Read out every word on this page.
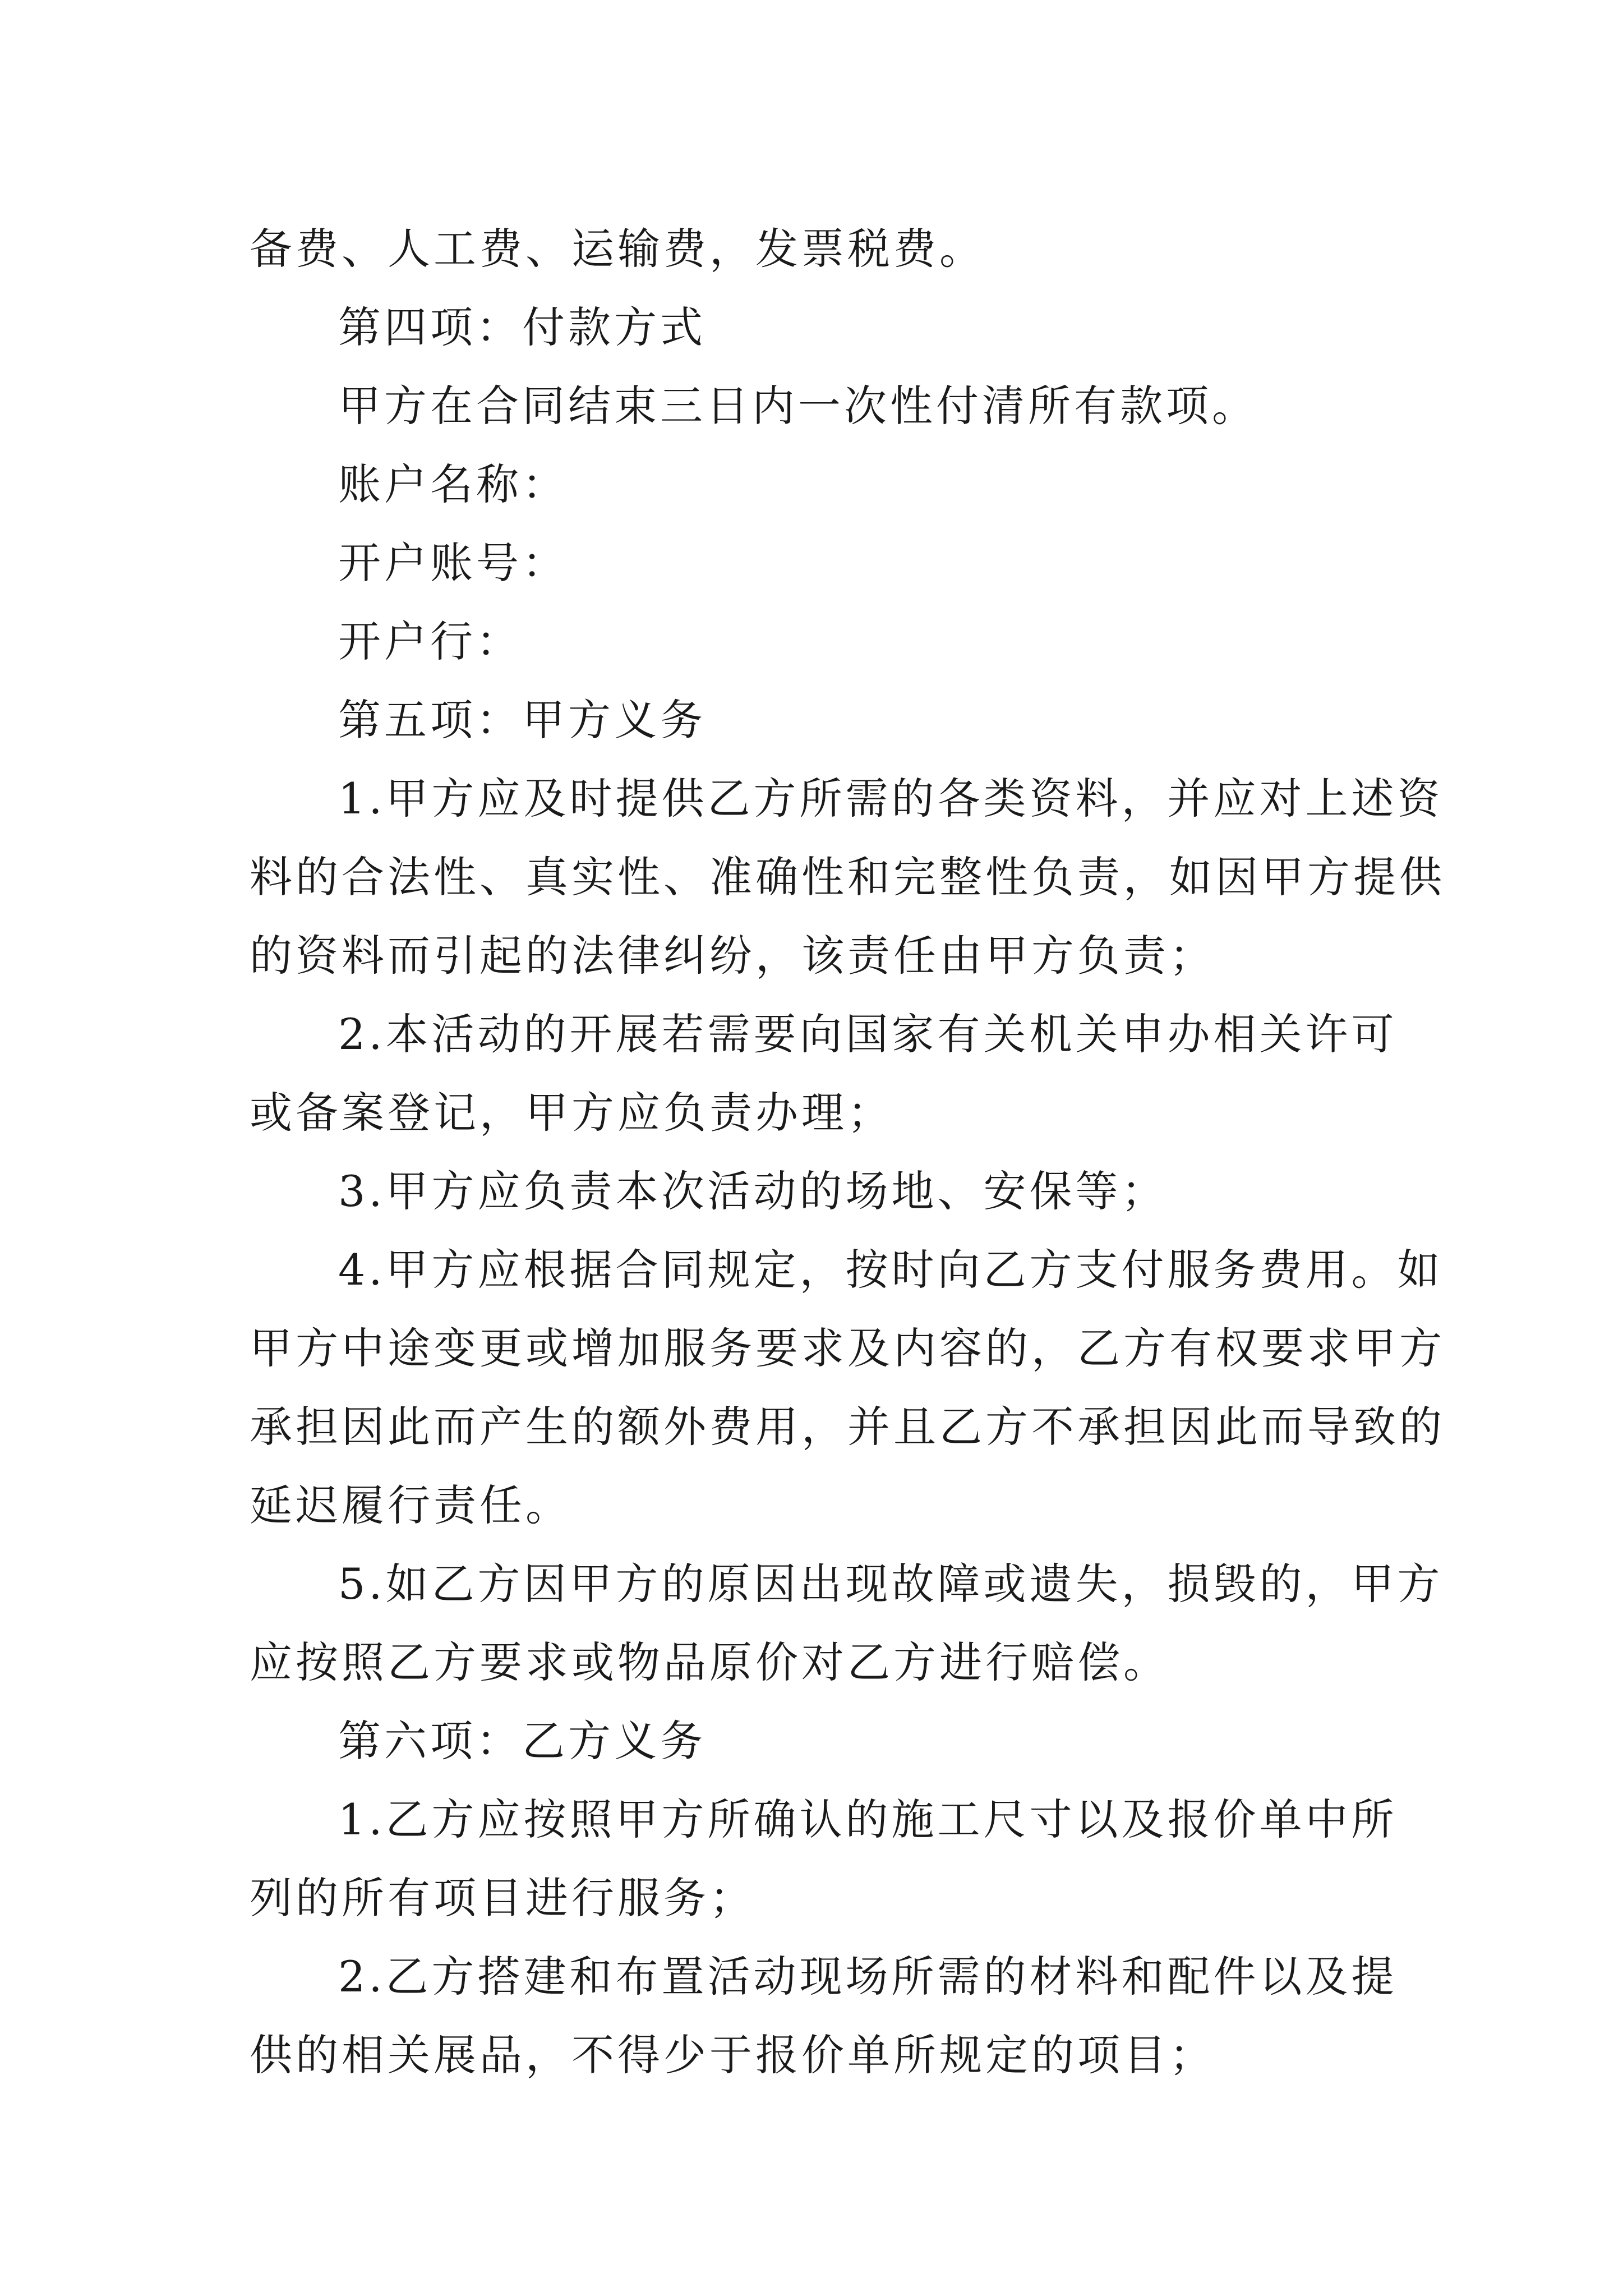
备费、人工费、运输费，发票税费。
第四项：付款方式
甲方在合同结束三日内一次性付清所有款项。
账户名称：
开户账号：
开户行：
第五项：甲方义务
1 . 甲 方 应 及 时 提 供 乙 方 所 需 的 各 类 资 料 ， 并 应 对 上 述 资
料 的 合 法 性 、 真 实 性 、 准 确 性 和 完 整 性 负 责 ， 如 因 甲 方 提 供
的资料而引起的法律纠纷，该责任由甲方负责；
2 . 本 活 动 的 开 展 若 需 要 向 国 家 有 关 机 关 申 办 相 关 许 可
或备案登记，甲方应负责办理；
3.甲方应负责本次活动的场地、安保等；
4 . 甲 方 应 根 据 合 同 规 定 ， 按 时 向 乙 方 支 付 服 务 费 用 。 如
甲 方 中 途 变 更 或 增 加 服 务 要 求 及 内 容 的 ， 乙 方 有 权 要 求 甲 方
承 担 因 此 而 产 生 的 额 外 费 用 ， 并 且 乙 方 不 承 担 因 此 而 导 致 的
延迟履行责任。
5 . 如 乙 方 因 甲 方 的 原 因 出 现 故 障 或 遗 失 ， 损 毁 的 ， 甲 方
应按照乙方要求或物品原价对乙方进行赔偿。
第六项：乙方义务
1 . 乙 方 应 按 照 甲 方 所 确 认 的 施 工 尺 寸 以 及 报 价 单 中 所
列的所有项目进行服务；
2 . 乙 方 搭 建 和 布 置 活 动 现 场 所 需 的 材 料 和 配 件 以 及 提
供的相关展品，不得少于报价单所规定的项目；
